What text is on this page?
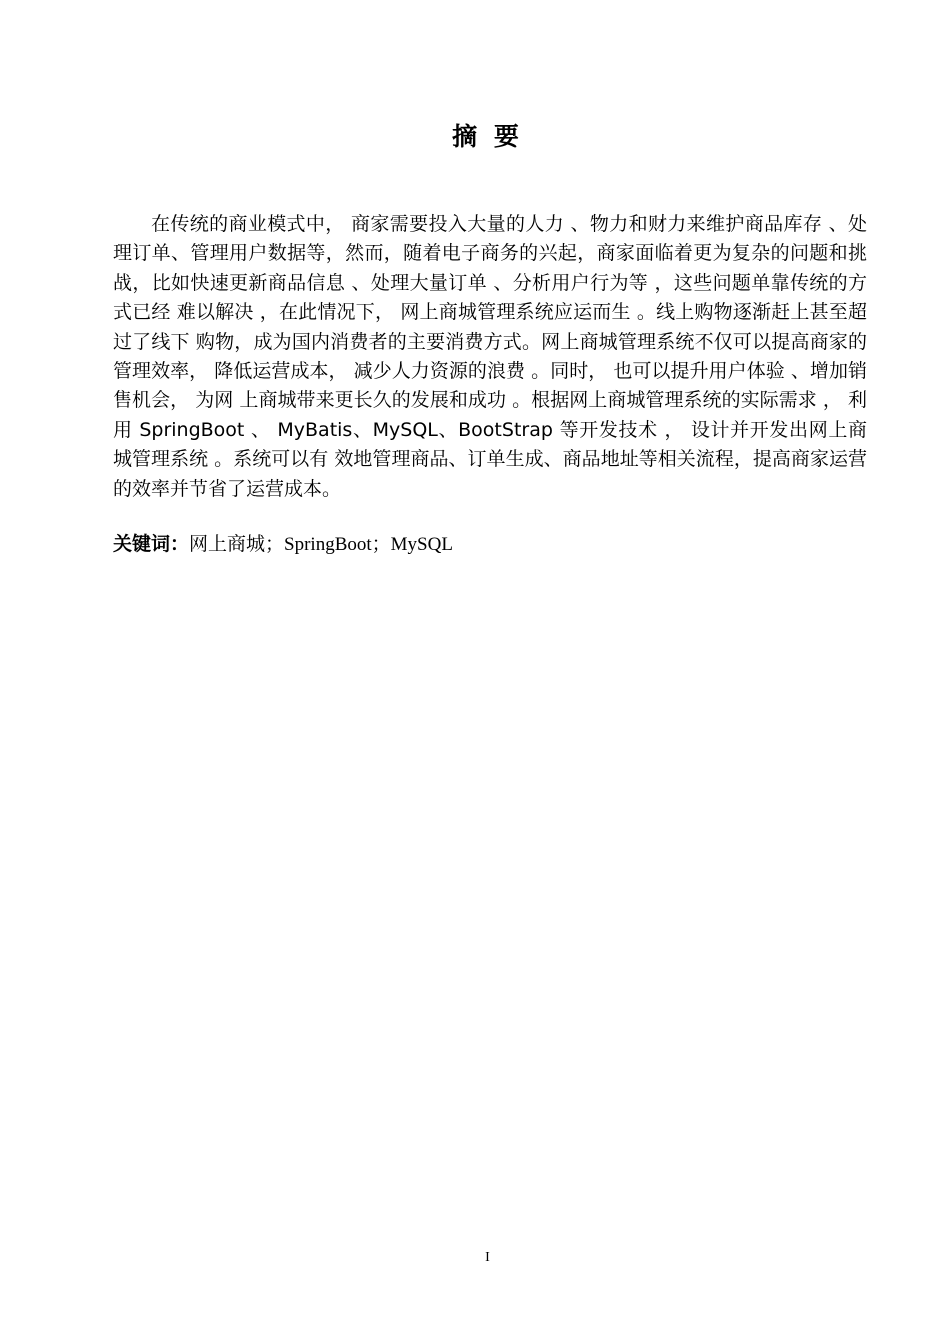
摘 要

在传统的商业模式中， 商家需要投入大量的人力 、物力和财力来维护商品库存 、处理订单、管理用户数据等，然而，随着电子商务的兴起，商家面临着更为复杂的问题和挑战，比如快速更新商品信息 、处理大量订单 、分析用户行为等 ，这些问题单靠传统的方式已经 难以解决 ，在此情况下， 网上商城管理系统应运而生 。线上购物逐渐赶上甚至超过了线下 购物，成为国内消费者的主要消费方式。网上商城管理系统不仅可以提高商家的管理效率， 降低运营成本， 减少人力资源的浪费 。同时， 也可以提升用户体验 、增加销售机会， 为网 上商城带来更长久的发展和成功 。根据网上商城管理系统的实际需求 ， 利用 SpringBoot 、 MyBatis、MySQL、BootStrap 等开发技术 ， 设计并开发出网上商城管理系统 。系统可以有 效地管理商品、订单生成、商品地址等相关流程，提高商家运营的效率并节省了运营成本。

关键词：网上商城；SpringBoot；MySQL
I
